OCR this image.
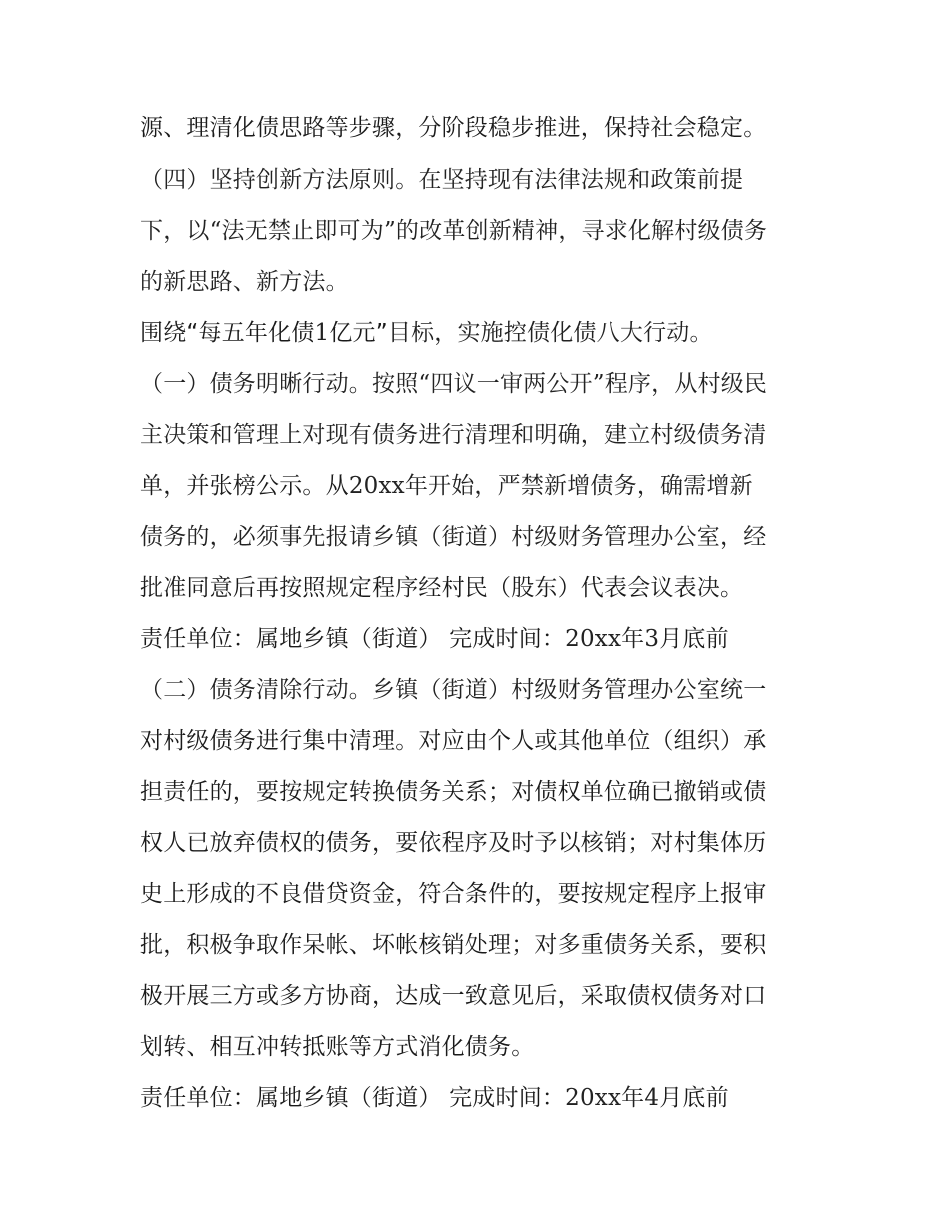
源、理清化债思路等步骤，分阶段稳步推进，保持社会稳定。
（四）坚持创新方法原则。在坚持现有法律法规和政策前提
下，以“法无禁止即可为”的改革创新精神，寻求化解村级债务
的新思路、新方法。
围绕“每五年化债1亿元”目标，实施控债化债八大行动。
（一）债务明晰行动。按照“四议一审两公开”程序，从村级民
主决策和管理上对现有债务进行清理和明确，建立村级债务清
单，并张榜公示。从20xx年开始，严禁新增债务，确需增新
债务的，必须事先报请乡镇（街道）村级财务管理办公室，经
批准同意后再按照规定程序经村民（股东）代表会议表决。
责任单位：属地乡镇（街道） 完成时间：20xx年3月底前
（二）债务清除行动。乡镇（街道）村级财务管理办公室统一
对村级债务进行集中清理。对应由个人或其他单位（组织）承
担责任的，要按规定转换债务关系；对债权单位确已撤销或债
权人已放弃债权的债务，要依程序及时予以核销；对村集体历
史上形成的不良借贷资金，符合条件的，要按规定程序上报审
批，积极争取作呆帐、坏帐核销处理；对多重债务关系，要积
极开展三方或多方协商，达成一致意见后，采取债权债务对口
划转、相互冲转抵账等方式消化债务。
责任单位：属地乡镇（街道） 完成时间：20xx年4月底前
